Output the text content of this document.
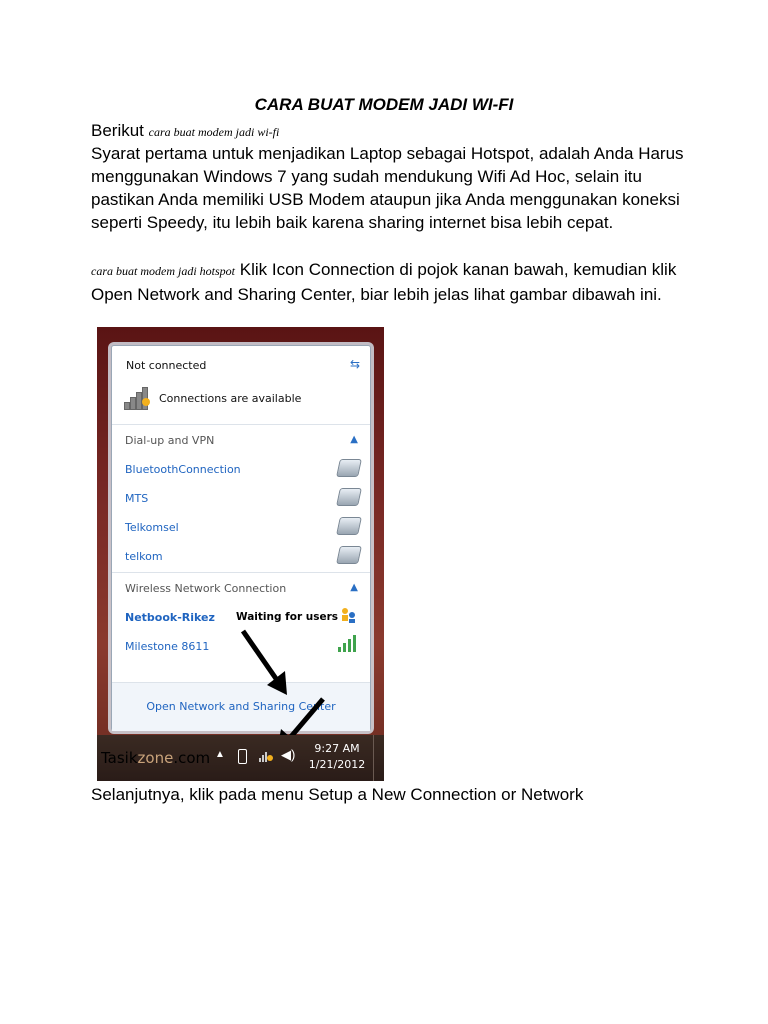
CARA BUAT MODEM JADI WI-FI
Berikut cara buat modem jadi wi-fi
Syarat pertama untuk menjadikan Laptop sebagai Hotspot, adalah Anda Harus menggunakan Windows 7 yang sudah mendukung Wifi Ad Hoc, selain itu pastikan Anda memiliki USB Modem ataupun jika Anda menggunakan koneksi seperti Speedy, itu lebih baik karena sharing internet bisa lebih cepat.
cara buat modem jadi hotspot Klik Icon Connection di pojok kanan bawah, kemudian klik Open Network and Sharing Center, biar lebih jelas lihat gambar dibawah ini.
Not connected	⇆
Connections are available
Dial-up and VPN	▲
BluetoothConnection
MTS
Telkomsel
telkom
Wireless Network Connection	▲
Netbook-Rikez Waiting for users
Milestone 8611
Open Network and Sharing Center
Tasikzone.com ▲	◀)	9:27 AM
1/21/2012
Selanjutnya, klik pada menu Setup a New Connection or Network
